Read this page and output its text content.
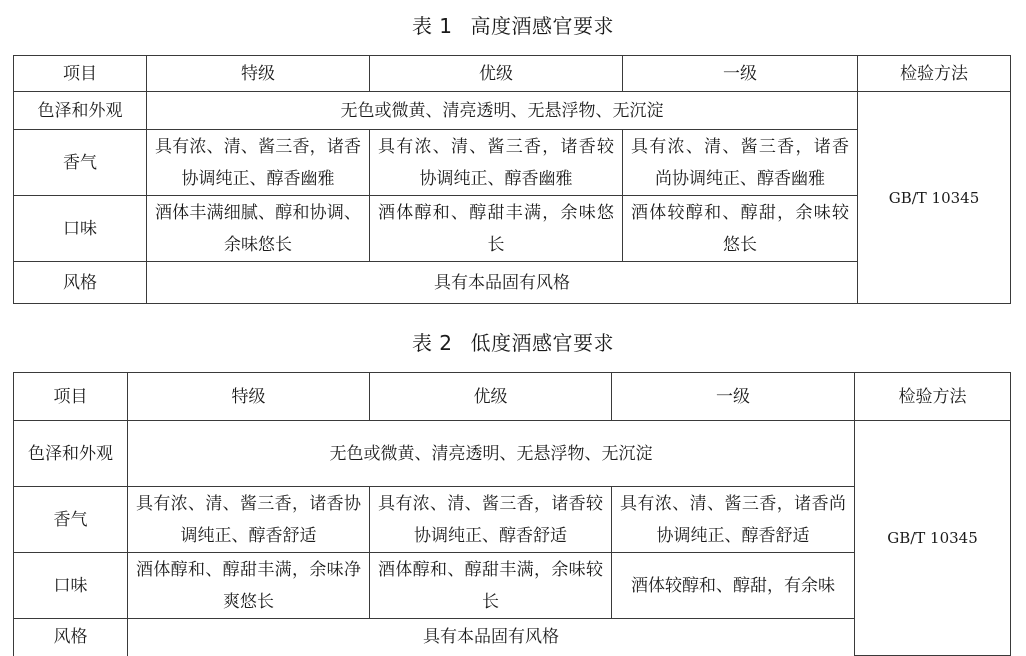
表 1 高度酒感官要求
项目	特级	优级	一级	检验方法
色泽和外观	无色或微黄、清亮透明、无悬浮物、无沉淀			GB/T 10345
香气	具有浓、清、酱三香，诸香协调纯正、醇香幽雅	具有浓、清、酱三香，诸香较协调纯正、醇香幽雅	具有浓、清、酱三香，诸香尚协调纯正、醇香幽雅	
口味	酒体丰满细腻、醇和协调、余味悠长	酒体醇和、醇甜丰满，余味悠长	酒体较醇和、醇甜，余味较悠长	
风格	具有本品固有风格			
表 2 低度酒感官要求
项目	特级	优级	一级	检验方法
色泽和外观	无色或微黄、清亮透明、无悬浮物、无沉淀			GB/T 10345
香气	具有浓、清、酱三香，诸香协调纯正、醇香舒适	具有浓、清、酱三香，诸香较协调纯正、醇香舒适	具有浓、清、酱三香，诸香尚协调纯正、醇香舒适	
口味	酒体醇和、醇甜丰满，余味净爽悠长	酒体醇和、醇甜丰满，余味较长	酒体较醇和、醇甜，有余味	
风格	具有本品固有风格			
